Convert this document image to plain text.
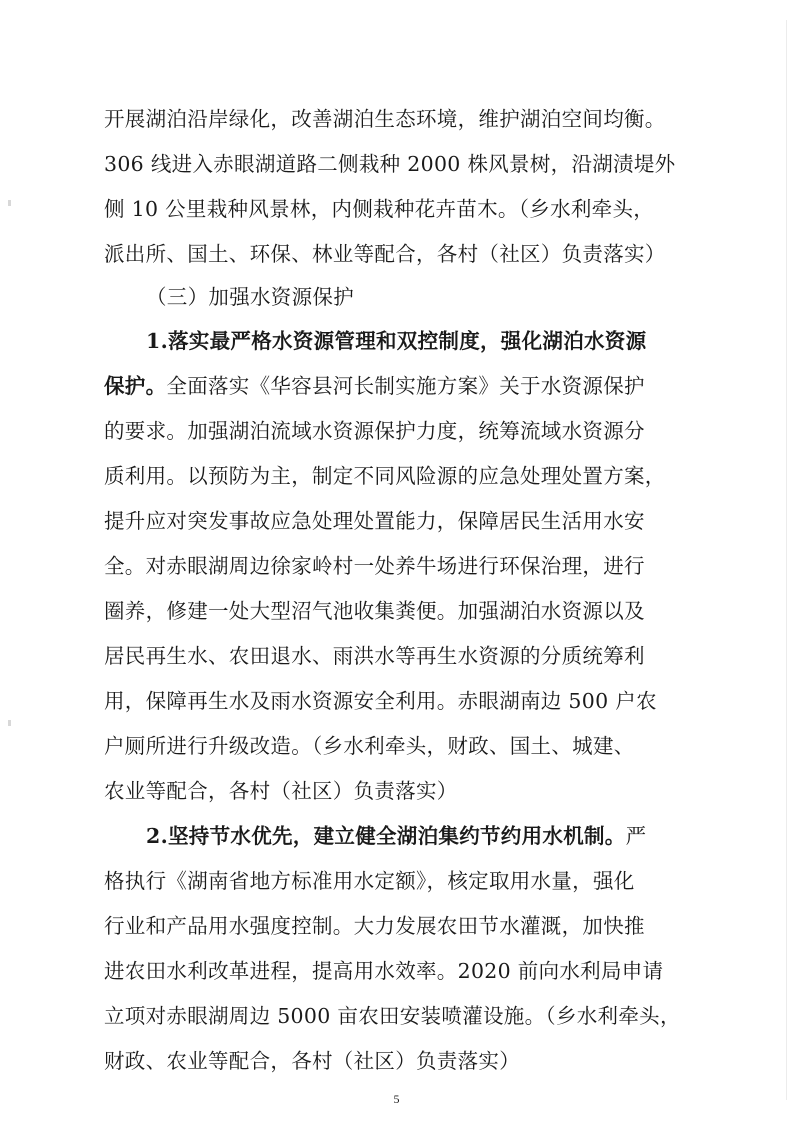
开展湖泊沿岸绿化，改善湖泊生态环境，维护湖泊空间均衡。
306 线进入赤眼湖道路二侧栽种 2000 株风景树，沿湖渍堤外
侧 10 公里栽种风景林，内侧栽种花卉苗木。（乡水利牵头，
派出所、国土、环保、林业等配合，各村（社区）负责落实）
（三）加强水资源保护
1.落实最严格水资源管理和双控制度，强化湖泊水资源
保护。全面落实《华容县河长制实施方案》关于水资源保护
的要求。加强湖泊流域水资源保护力度，统筹流域水资源分
质利用。以预防为主，制定不同风险源的应急处理处置方案，
提升应对突发事故应急处理处置能力，保障居民生活用水安
全。对赤眼湖周边徐家岭村一处养牛场进行环保治理，进行
圈养，修建一处大型沼气池收集粪便。加强湖泊水资源以及
居民再生水、农田退水、雨洪水等再生水资源的分质统筹利
用，保障再生水及雨水资源安全利用。赤眼湖南边 500 户农
户厕所进行升级改造。（乡水利牵头，财政、国土、城建、
农业等配合，各村（社区）负责落实）
2.坚持节水优先，建立健全湖泊集约节约用水机制。严
格执行《湖南省地方标准用水定额》，核定取用水量，强化
行业和产品用水强度控制。大力发展农田节水灌溉，加快推
进农田水利改革进程，提高用水效率。2020 前向水利局申请
立项对赤眼湖周边 5000 亩农田安装喷灌设施。（乡水利牵头，
财政、农业等配合，各村（社区）负责落实）
5
